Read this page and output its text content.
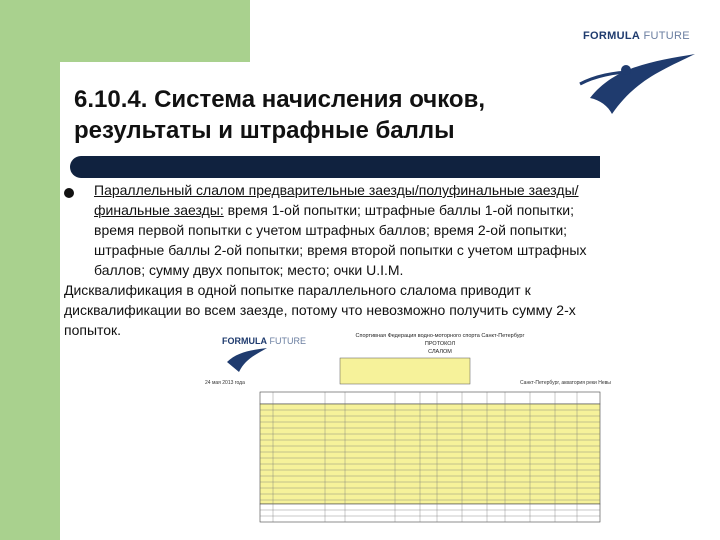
6.10.4. Система начисления очков,
результаты и штрафные баллы
FORMULA FUTURE
Параллельный слалом предварительные заезды/полуфинальные заезды/финальные заезды: время 1-ой попытки; штрафные баллы 1-ой попытки; время первой попытки с учетом штрафных баллов; время 2-ой попытки; штрафные баллы 2-ой попытки; время второй попытки с учетом штрафных баллов; сумму двух попыток; место; очки U.I.M.
Дисквалификация в одной попытке параллельного слалома приводит к дисквалификации во всем заезде, потому что невозможно получить сумму 2-х попыток.
FORMULA FUTURE	Спортивная Федерация водно-моторного спорта Санкт-Петербург
ПРОТОКОЛ
СЛАЛОМ
24 мая 2013 года	Санкт-Петербург, акватория реки Невы
